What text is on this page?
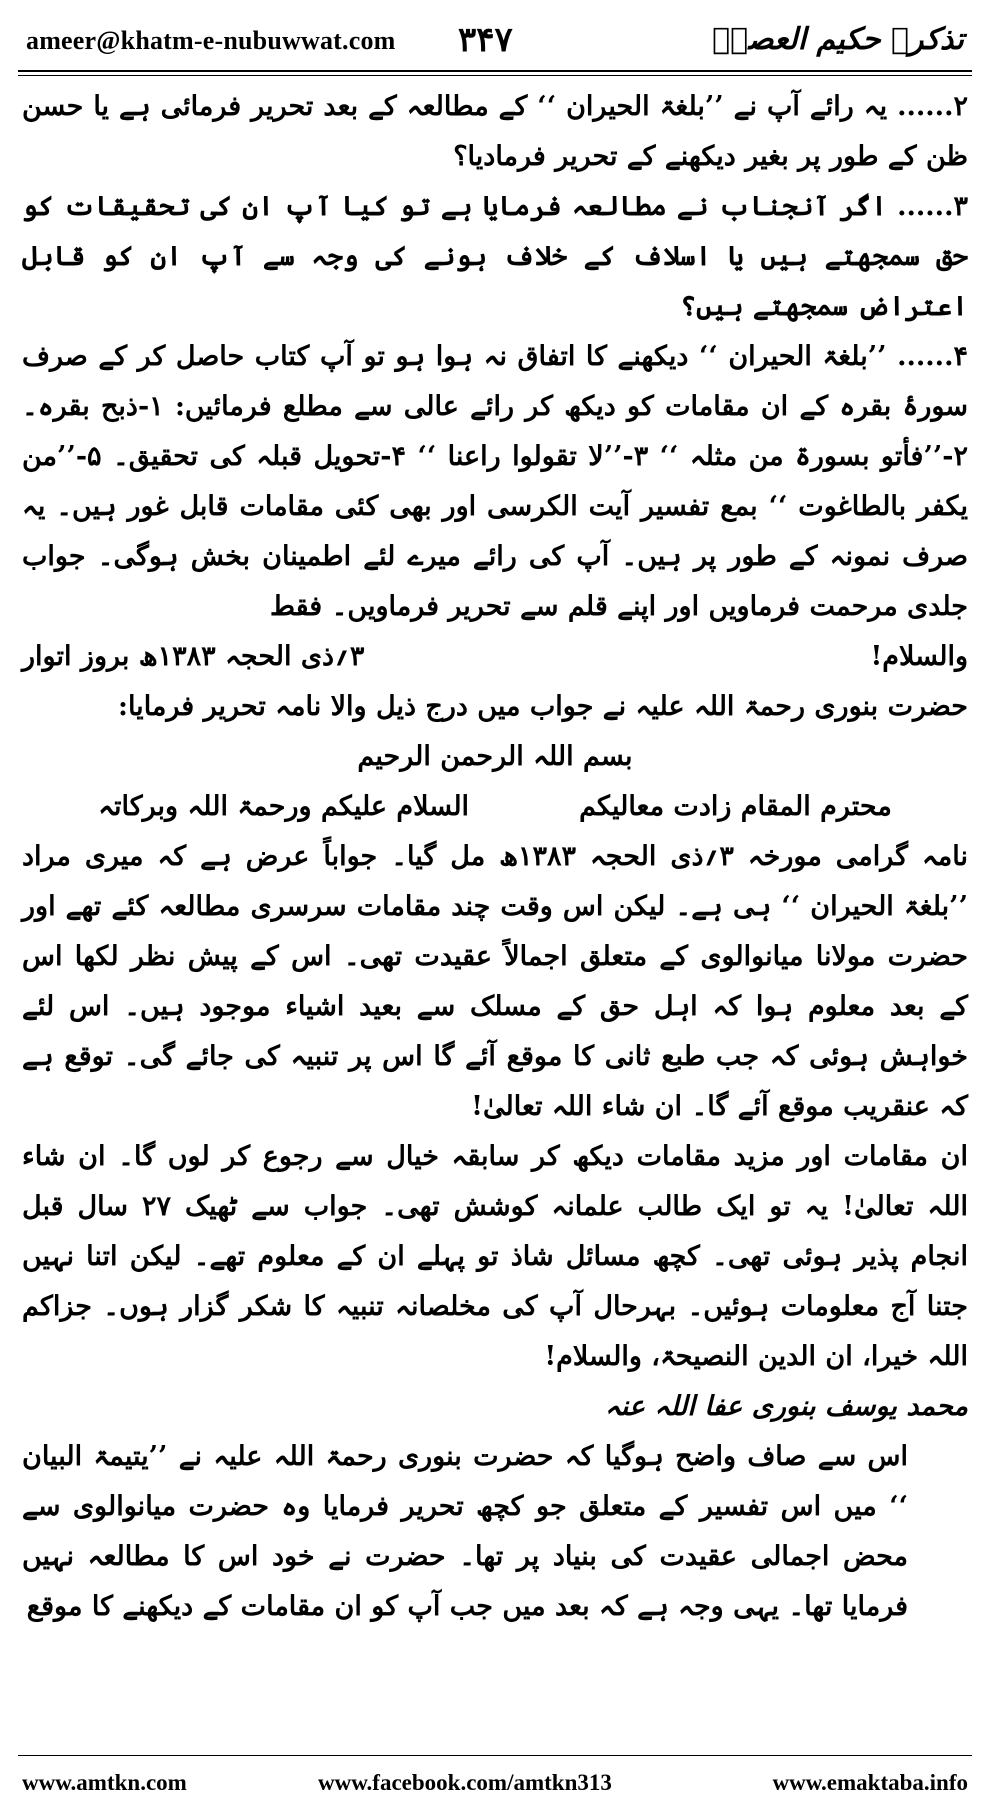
ameer@khatm-e-nubuwwat.com ۳۴۷	تذکرہ حکیم العصرؒ

۲...... یہ رائے آپ نے ’’بلغۃ الحیران ‘‘ کے مطالعہ کے بعد تحریر فرمائی ہے یا حسن ظن کے طور پر بغیر دیکھنے کے تحریر فرمادیا؟

۳...... اگر آنجناب نے مطالعہ فرمایا ہے تو کیا آپ ان کی تحقیقات کو حق سمجھتے ہیں یا اسلاف کے خلاف ہونے کی وجہ سے آپ ان کو قابل اعتراض سمجھتے ہیں؟

۴...... ’’بلغۃ الحیران ‘‘ دیکھنے کا اتفاق نہ ہوا ہو تو آپ کتاب حاصل کر کے صرف سورۂ بقرہ کے ان مقامات کو دیکھ کر رائے عالی سے مطلع فرمائیں: ۱-ذبح بقرہ۔ ۲-’’فأتو بسورۃ من مثلہ ‘‘ ۳-’’لا تقولوا راعنا ‘‘ ۴-تحویل قبلہ کی تحقیق۔ ۵-’’من یکفر بالطاغوت ‘‘ بمع تفسیر آیت الکرسی اور بھی کئی مقامات قابل غور ہیں۔ یہ صرف نمونہ کے طور پر ہیں۔ آپ کی رائے میرے لئے اطمینان بخش ہوگی۔ جواب جلدی مرحمت فرماویں اور اپنے قلم سے تحریر فرماویں۔ فقط

والسلام!
۳؍ذی الحجہ ۱۳۸۳ھ بروز اتوار

حضرت بنوری رحمۃ اللہ علیہ نے جواب میں درج ذیل والا نامہ تحریر فرمایا:

بسم اللہ الرحمن الرحیم

محترم المقام زادت معالیکم
السلام علیکم ورحمۃ اللہ وبرکاتہ

نامہ گرامی مورخہ ۳؍ذی الحجہ ۱۳۸۳ھ مل گیا۔ جواباً عرض ہے کہ میری مراد ’’بلغۃ الحیران ‘‘ ہی ہے۔ لیکن اس وقت چند مقامات سرسری مطالعہ کئے تھے اور حضرت مولانا میانوالوی کے متعلق اجمالاً عقیدت تھی۔ اس کے پیش نظر لکھا اس کے بعد معلوم ہوا کہ اہل حق کے مسلک سے بعید اشیاء موجود ہیں۔ اس لئے خواہش ہوئی کہ جب طبع ثانی کا موقع آئے گا اس پر تنبیہ کی جائے گی۔ توقع ہے کہ عنقریب موقع آئے گا۔ ان شاء اللہ تعالیٰ!

ان مقامات اور مزید مقامات دیکھ کر سابقہ خیال سے رجوع کر لوں گا۔ ان شاء اللہ تعالیٰ! یہ تو ایک طالب علمانہ کوشش تھی۔ جواب سے ٹھیک ۲۷ سال قبل انجام پذیر ہوئی تھی۔ کچھ مسائل شاذ تو پہلے ان کے معلوم تھے۔ لیکن اتنا نہیں جتنا آج معلومات ہوئیں۔ بہرحال آپ کی مخلصانہ تنبیہ کا شکر گزار ہوں۔ جزاکم اللہ خیرا، ان الدین النصیحۃ، والسلام!

محمد یوسف بنوری عفا اللہ عنہ

اس سے صاف واضح ہوگیا کہ حضرت بنوری رحمۃ اللہ علیہ نے ’’یتیمۃ البیان ‘‘ میں اس تفسیر کے متعلق جو کچھ تحریر فرمایا وہ حضرت میانوالوی سے محض اجمالی عقیدت کی بنیاد پر تھا۔ حضرت نے خود اس کا مطالعہ نہیں فرمایا تھا۔ یہی وجہ ہے کہ بعد میں جب آپ کو ان مقامات کے دیکھنے کا موقع

www.amtkn.com	www.facebook.com/amtkn313	www.emaktaba.info
